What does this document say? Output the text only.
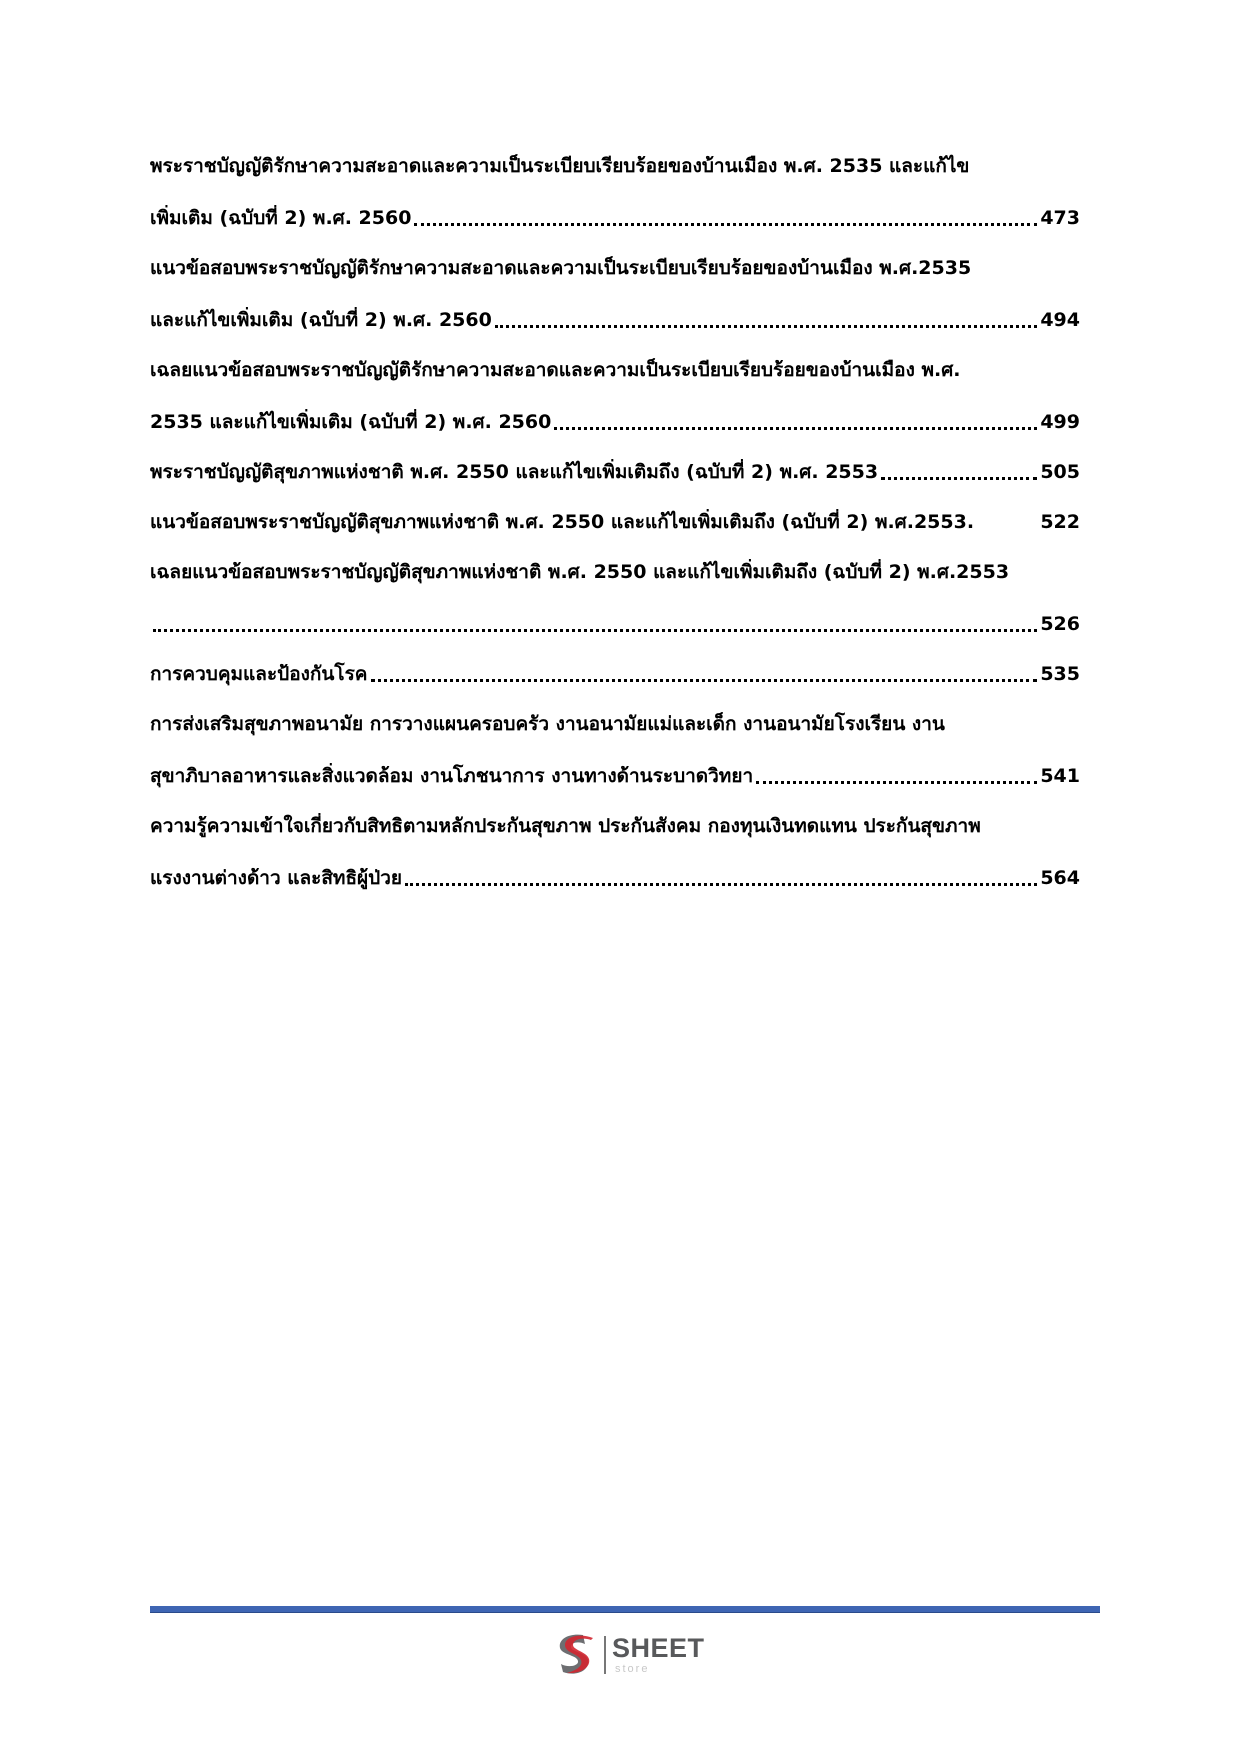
พระราชบัญญัติรักษาความสะอาดและความเป็นระเบียบเรียบร้อยของบ้านเมือง พ.ศ. 2535 และแก้ไข
เพิ่มเติม (ฉบับที่ 2) พ.ศ. 2560	473
แนวข้อสอบพระราชบัญญัติรักษาความสะอาดและความเป็นระเบียบเรียบร้อยของบ้านเมือง พ.ศ.2535
และแก้ไขเพิ่มเติม (ฉบับที่ 2) พ.ศ. 2560	494
เฉลยแนวข้อสอบพระราชบัญญัติรักษาความสะอาดและความเป็นระเบียบเรียบร้อยของบ้านเมือง พ.ศ.
2535 และแก้ไขเพิ่มเติม (ฉบับที่ 2) พ.ศ. 2560	499
พระราชบัญญัติสุขภาพแห่งชาติ พ.ศ. 2550 และแก้ไขเพิ่มเติมถึง (ฉบับที่ 2) พ.ศ. 2553	505
แนวข้อสอบพระราชบัญญัติสุขภาพแห่งชาติ พ.ศ. 2550 และแก้ไขเพิ่มเติมถึง (ฉบับที่ 2) พ.ศ.2553.	522
เฉลยแนวข้อสอบพระราชบัญญัติสุขภาพแห่งชาติ พ.ศ. 2550 และแก้ไขเพิ่มเติมถึง (ฉบับที่ 2) พ.ศ.2553
526
การควบคุมและป้องกันโรค	535
การส่งเสริมสุขภาพอนามัย การวางแผนครอบครัว งานอนามัยแม่และเด็ก งานอนามัยโรงเรียน งาน
สุขาภิบาลอาหารและสิ่งแวดล้อม งานโภชนาการ งานทางด้านระบาดวิทยา	541
ความรู้ความเข้าใจเกี่ยวกับสิทธิตามหลักประกันสุขภาพ ประกันสังคม กองทุนเงินทดแทน ประกันสุขภาพ
แรงงานต่างด้าว และสิทธิผู้ป่วย	564
SHEET
store
